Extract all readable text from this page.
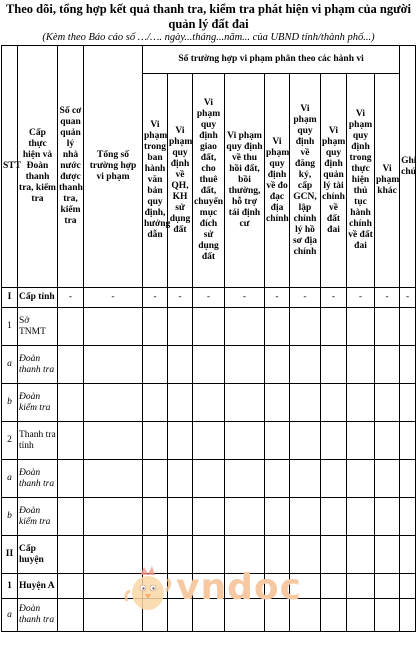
Theo dõi, tổng hợp kết quả thanh tra, kiểm tra phát hiện vi phạm của người
quản lý đất đai
(Kèm theo Báo cáo số …/…. ngày...tháng...năm... của UBND tỉnh/thành phố...)
STT	Cấp thực hiện và Đoàn thanh tra, kiểm tra	Số cơ quan quản lý nhà nước được thanh tra, kiểm tra	Tổng số trường hợp vi phạm	Số trường hợp vi phạm phân theo các hành vi									Ghi chú
				Vi phạm trong ban hành văn bản quy định, hướng dẫn	Vi phạm quy định về QH, KH sử dụng đất	Vi phạm quy định giao đất, cho thuê đất, chuyển mục đích sử dụng đất	Vi phạm quy định về thu hồi đất, bồi thường, hỗ trợ tái định cư	Vi phạm quy định về đo đạc địa chính	Vi phạm quy định về đăng ký, cấp GCN, lập chỉnh lý hồ sơ địa chính	Vi phạm quy định quản lý tài chính về đất đai	Vi phạm quy định trong thực hiện thủ tục hành chính về đất đai	Vi phạm khác	
I	Cấp tỉnh	-	-	-	-	-	-	-	-	-	-	-	-
1	Sở TNMT												
a	Đoàn thanh tra												
b	Đoàn kiểm tra												
2	Thanh tra tỉnh												
a	Đoàn thanh tra												
b	Đoàn kiểm tra												
II	Cấp huyện												
1	Huyện A												
a	Đoàn thanh tra												
vndoc
